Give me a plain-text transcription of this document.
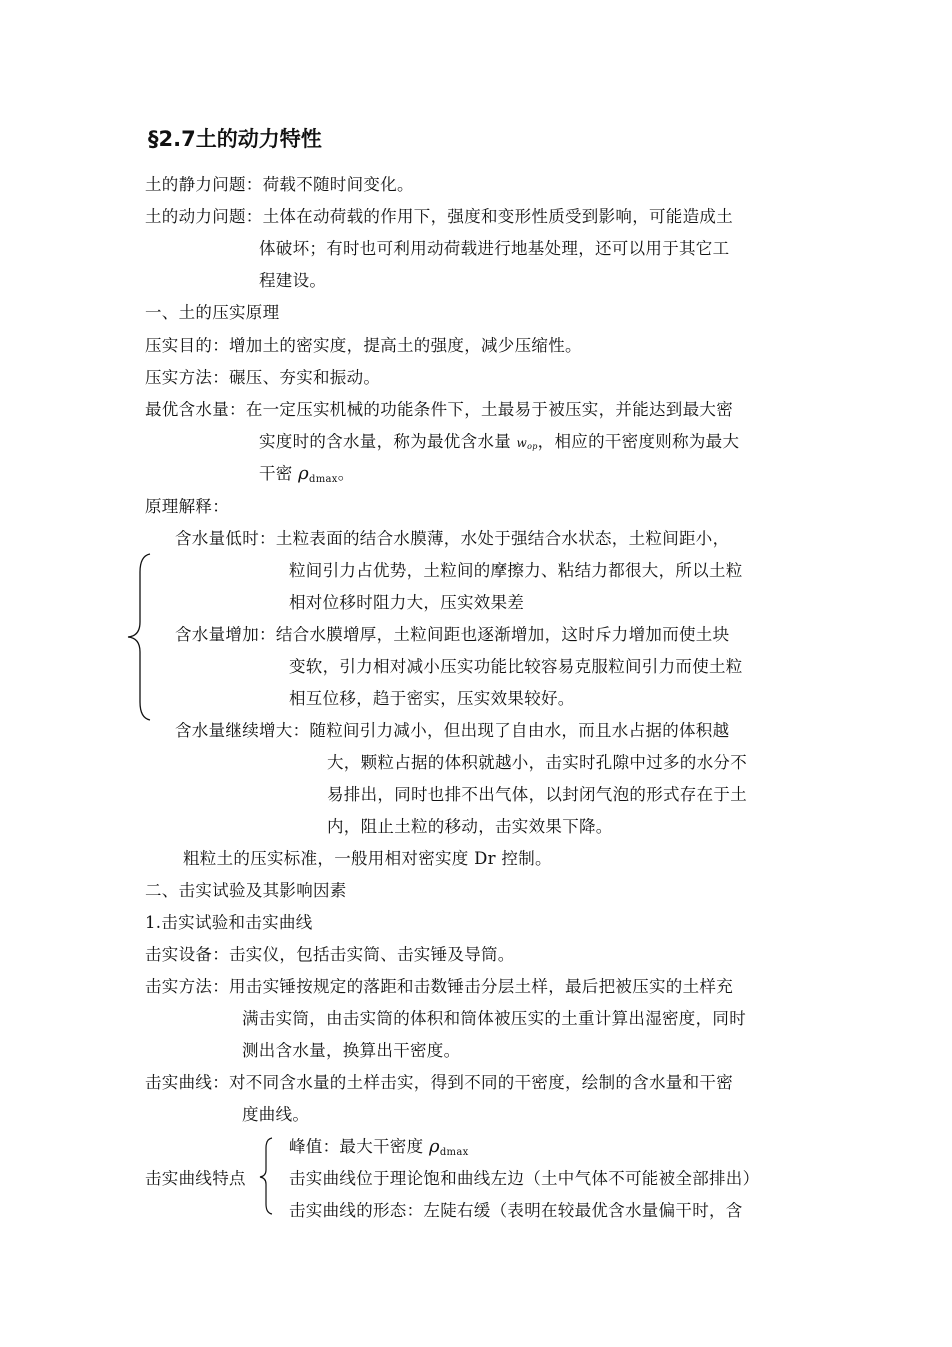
§2.7土的动力特性
土的静力问题：荷载不随时间变化。
土的动力问题：土体在动荷载的作用下，强度和变形性质受到影响，可能造成土
体破坏；有时也可利用动荷载进行地基处理，还可以用于其它工
程建设。
一、土的压实原理
压实目的：增加土的密实度，提高土的强度，减少压缩性。
压实方法：碾压、夯实和振动。
最优含水量：在一定压实机械的功能条件下，土最易于被压实，并能达到最大密
实度时的含水量，称为最优含水量 wop，相应的干密度则称为最大
干密 $\rho_{dmax}$。
原理解释：
含水量低时：土粒表面的结合水膜薄，水处于强结合水状态，土粒间距小，
粒间引力占优势，土粒间的摩擦力、粘结力都很大，所以土粒
相对位移时阻力大，压实效果差
含水量增加：结合水膜增厚，土粒间距也逐渐增加，这时斥力增加而使土块
变软，引力相对减小压实功能比较容易克服粒间引力而使土粒
相互位移，趋于密实，压实效果较好。
含水量继续增大：随粒间引力减小，但出现了自由水，而且水占据的体积越
大，颗粒占据的体积就越小，击实时孔隙中过多的水分不
易排出，同时也排不出气体，以封闭气泡的形式存在于土
内，阻止土粒的移动，击实效果下降。
粗粒土的压实标准，一般用相对密实度 Dr 控制。
二、击实试验及其影响因素
1.击实试验和击实曲线
击实设备：击实仪，包括击实筒、击实锤及导筒。
击实方法：用击实锤按规定的落距和击数锤击分层土样，最后把被压实的土样充
满击实筒，由击实筒的体积和筒体被压实的土重计算出湿密度，同时
测出含水量，换算出干密度。
击实曲线：对不同含水量的土样击实，得到不同的干密度，绘制的含水量和干密
度曲线。
击实曲线特点
峰值：最大干密度 $\rho_{dmax}$
击实曲线位于理论饱和曲线左边（土中气体不可能被全部排出）
击实曲线的形态：左陡右缓（表明在较最优含水量偏干时，含
